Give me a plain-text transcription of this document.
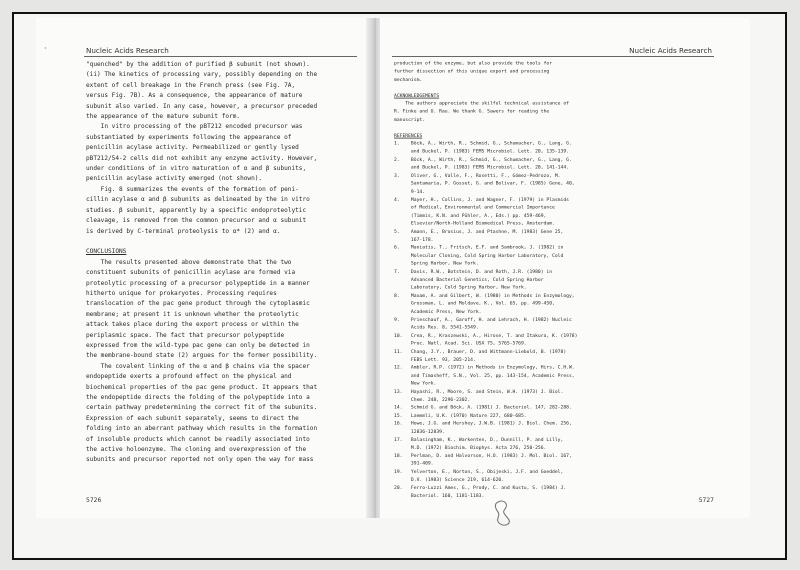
Nucleic Acids Research
"quenched" by the addition of purified β subunit (not shown).
(ii) The kinetics of processing vary, possibly depending on the
extent of cell breakage in the French press (see Fig. 7A,
versus Fig. 7B). As a consequence, the appearance of mature
subunit also varied. In any case, however, a precursor preceded
the appearance of the mature subunit form.
In vitro processing of the pBT212 encoded precursor was
substantiated by experiments following the appearance of
penicillin acylase activity. Permeabilized or gently lysed
pBT212/54-2 cells did not exhibit any enzyme activity. However,
under conditions of in vitro maturation of α and β subunits,
penicillin acylase activity emerged (not shown).
Fig. 8 summarizes the events of the formation of peni-
cillin acylase α and β subunits as delineated by the in vitro
studies. β subunit, apparently by a specific endoproteolytic
cleavage, is removed from the common precursor and α subunit
is derived by C-terminal proteolysis to α* (2) and α.

CONCLUSIONS
The results presented above demonstrate that the two
constituent subunits of penicillin acylase are formed via
proteolytic processing of a precursor polypeptide in a manner
hitherto unique for prokaryotes. Processing requires
translocation of the pac gene product through the cytoplasmic
membrane; at present it is unknown whether the proteolytic
attack takes place during the export process or within the
periplasmic space. The fact that precursor polypeptide
expressed from the wild-type pac gene can only be detected in
the membrane-bound state (2) argues for the former possibility.
The covalent linking of the α and β chains via the spacer
endopeptide exerts a profound effect on the physical and
biochemical properties of the pac gene product. It appears that
the endopeptide directs the folding of the polypeptide into a
certain pathway predetermining the correct fit of the subunits.
Expression of each subunit separately, seems to direct the
folding into an aberrant pathway which results in the formation
of insoluble products which cannot be readily associated into
the active holoenzyme. The cloning and overexpression of the
subunits and precursor reported not only open the way for mass
5726
Nucleic Acids Research
production of the enzyme, but also provide the tools for
further dissection of this unique export and processing
mechanism.

ACKNOWLEDGEMENTS
The authors appreciate the skilful technical assistance of
R. Finke and U. Rau. We thank G. Sawers for reading the
manuscript.

REFERENCES
1. Böck, A., Wirth, R., Schmid, G., Schumacher, G., Lang, G.
and Buckel, P. (1983) FEMS Microbiol. Lett. 20, 135-139.
2. Böck, A., Wirth, R., Schmid, G., Schumacher, G., Lang, G.
and Buckel, P. (1983) FEMS Microbiol. Lett. 20, 141-144.
3. Oliver, G., Valle, F., Rosetti, F., Gómez-Pedrozo, M.
Santamaria, P. Gosset, G. and Bolivar, F. (1985) Gene, 40,
9-14.
4. Mayer, H., Collins, J. and Wagner, F. (1979) in Plasmids
of Medical, Environmental and Commercial Importance
(Timmis, K.N. and Pühler, A., Eds.) pp. 459-469,
Elsevier/North-Holland Biomedical Press, Amsterdam.
5. Amann, E., Brosius, J. and Ptashne, M. (1983) Gene 25,
167-178.
6. Maniatis, T., Fritsch, E.F. and Sambrook, J. (1982) in
Molecular Cloning, Cold Spring Harbor Laboratory, Cold
Spring Harbor, New York.
7. Davis, R.W., Botstein, D. and Roth, J.R. (1980) in
Advanced Bacterial Genetics, Cold Spring Harbor
Laboratory, Cold Spring Harbor, New York.
8. Maxam, A. and Gilbert, W. (1980) in Methods in Enzymology,
Grossman, L. and Moldave, K., Vol. 65, pp. 499-450,
Academic Press, New York.
9. Prieschauf, A., Garoff, H. and Lehrach, H. (1982) Nucleic
Acids Res. 8, 5541-5549.
10. Crea, R., Kraszewski, A., Hirose, T. and Itakura, K. (1978)
Proc. Natl. Acad. Sci. USA 75, 5765-5769.
11. Chang, J.Y., Brauer, D. and Wittmann-Liebold, B. (1978)
FEBS Lett. 93, 205-214.
12. Ambler, R.P. (1972) in Methods in Enzymology, Hirs, C.H.W.
and Timasheff, S.N., Vol. 25, pp. 143-154, Academic Press,
New York.
13. Hayashi, R., Moore, S. and Stein, W.H. (1973) J. Biol.
Chem. 248, 2296-2302.
14. Schmid G. and Böck, A. (1981) J. Bacteriol. 147, 282-288.
15. Laemmli, U.K. (1970) Nature 227, 680-685.
16. Howe, J.G. and Hershey, J.W.B. (1981) J. Biol. Chem. 256,
12836-12839.
17. Balasingham, K., Warkenten, D., Dunnill, P. and Lilly,
M.D. (1972) Biochim. Biophys. Acta 276, 250-256.
18. Perlman, D. and Halvorson, H.O. (1983) J. Mol. Biol. 167,
391-409.
19. Yelverton, E., Norton, S., Obijeski, J.F. and Goeddel,
D.V. (1983) Science 219, 614-620.
20. Ferro-Luzzi Ames, G., Prody, C. and Kustu, S. (1984) J.
Bacteriol. 160, 1181-1183.
5727
·
